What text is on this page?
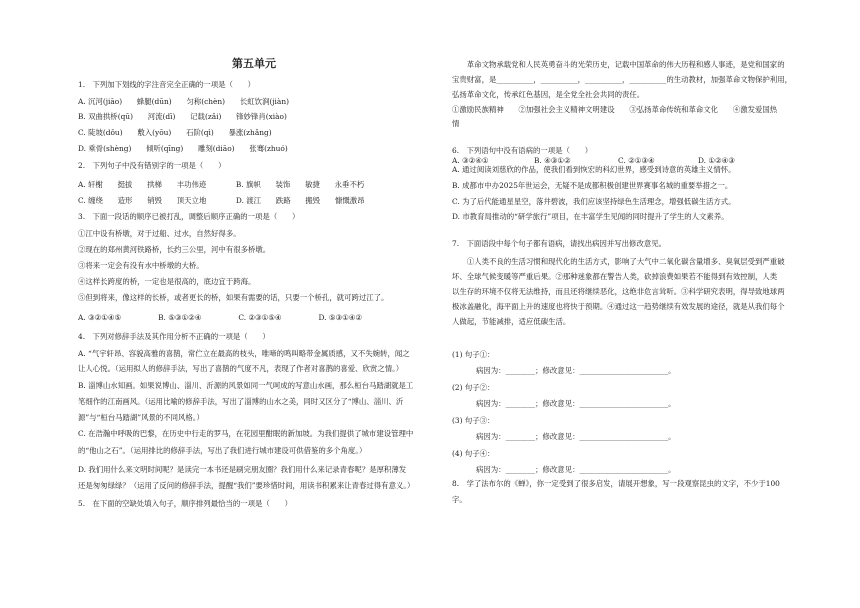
第五单元
1.　下列加下划线的字注音完全正确的一项是（　　）
A. 沉河(jiāo)　　蜂腿(dūn)　　匀称(chèn)　　长虹饮涧(jiàn)
B. 双曲拱桥(qū)　　河流(dī)　　记载(zǎi)　　锋妙锋肖(xiào)
C. 陡坡(dǒu)　　敷入(yōu)　　石阶(qì)　　暴涨(zhǎng)
D. 乘骨(shèng)　　倾听(qīng)　　雕刻(diāo)　　张骞(zhuó)
2.　下列句子中没有错别字的一项是（　　）
A. 轩榭　　挺拔　　拱梯　　丰功伟迹　　　　B. 旗帜　　装饰　　敏捷　　永垂不朽
C. 缠绕　　造形　　销毁　　顶天立地　　　　D. 渡江　　跌路　　搬毁　　慷慨激昂
3.　下面一段话的顺序已被打乱，调整后顺序正确的一项是（　　）
①江中设有桥墩，对于过船、过水，自然好得多。
②现在的郑州黄河铁路桥，长约三公里，河中有很多桥墩。
③将来一定会有没有水中桥墩的大桥。
④这样长跨度的桥，一定也是很高的，底边宜于跨海。
⑤但到将来，像这样的长桥，或者更长的桥，如果有需要的话，只要一个桥孔，就可跨过江了。
A. ③②①④⑤　　　　　B. ⑤③①②④　　　　　C. ②③①⑤④　　　　　D. ⑤③①④②
4.　下列对修辞手法及其作用分析不正确的一项是（　　）
A. “气宇轩昂、容貌高雅的喜鹊，常伫立在最高的枝头，唯啼的鸣叫略带金属质感，又不失婉转，闻之
让人心悦。（运用拟人的修辞手法，写出了喜鹊的气度不凡，表现了作者对喜鹊的喜爱、欣赏之情。）
B. 淄博山水知画。如果说博山、淄川、沂源的风景如同一气呵成的写意山水画，那么桓台马踏湖就是工
笔细作的江南画风。（运用比喻的修辞手法，写出了淄博的山水之美，同时又区分了“博山、淄川、沂
源”与“桓台马踏湖”风景的不同风格。）
C. 在浩瀚中呼吸的巴黎，在历史中行走的罗马，在花园里酣眠的新加坡。为我们提供了城市建设管理中
的“他山之石”。（运用排比的修辞手法，写出了我们进行城市建设可供借鉴的多个角度。）
D. 我们用什么来文明时间呢？是读完一本书还是刷完朋友圈？我们用什么来记录青春呢？是厚积薄发
还是匆匆绿绿？（运用了反问的修辞手法，提醒“我们”要珍惜时间，用读书积累来让青春过得有意义。）
5.　在下面的空缺处填入句子，顺序排列最恰当的一项是（　　）
A. ③②④①	B. ④③①②	C. ②①③④	D. ①②④③
　　革命文物承载党和人民英勇奋斗的光荣历史，记载中国革命的伟大历程和感人事迹，是党和国家的
宝贵财富，是__________，__________，__________，__________的生动教材，加强革命文物保护利用，
弘扬革命文化，传承红色基因，是全党全社会共同的责任。
①激励民族精神　　②加强社会主义精神文明建设　　③弘扬革命传统和革命文化　　④激发爱国热
情
6.　下列语句中没有语病的一项是（　　）
A. 通过阅读刘慈欣的作品，使我们看到恢宏的科幻世界，感受到诗意的英雄主义情怀。
B. 成都市中办2025年世运会，无疑不是成都积极创建世界赛事名城的重要举措之一。
C. 为了后代能通星星空，落井碧波，我们应该坚持绿色生活理念，增强低碳生活方式。
D. 市教育局推动的“研学旅行”项目，在丰富学生见闻的同时提升了学生的人文素养。
7.　下面语段中每个句子都有语病，请找出病因并写出修改意见。
　　①人类不良的生活习惯和现代化的生活方式，影响了大气中二氧化碳含量增多、臭氧层受到严重破
坏、全球气候变暖等严重后果。②那种迷象都在警告人类，砍掉浪费如果若不能得到有效控制，人类
以生存的环境不仅将无法维持，而且还将继续恶化，这绝非危言耸听。③科学研究表明，得导致地球两
极冰盖融化，海平面上升的速度也将快于预期。④通过这一趋势继续有效发展的途径，就是从我们每个
人做起，节能减排，适应低碳生活。
(1) 句子①：
病因为：________；修改意见：________________________。
(2) 句子②：
病因为：________；修改意见：________________________。
(3) 句子③：
病因为：________；修改意见：________________________。
(4) 句子④：
病因为：________；修改意见：________________________。
8.　学了法布尔的《蝉》，你一定受到了很多启发，请展开想象，写一段观察昆虫的文字，不少于100
字。
